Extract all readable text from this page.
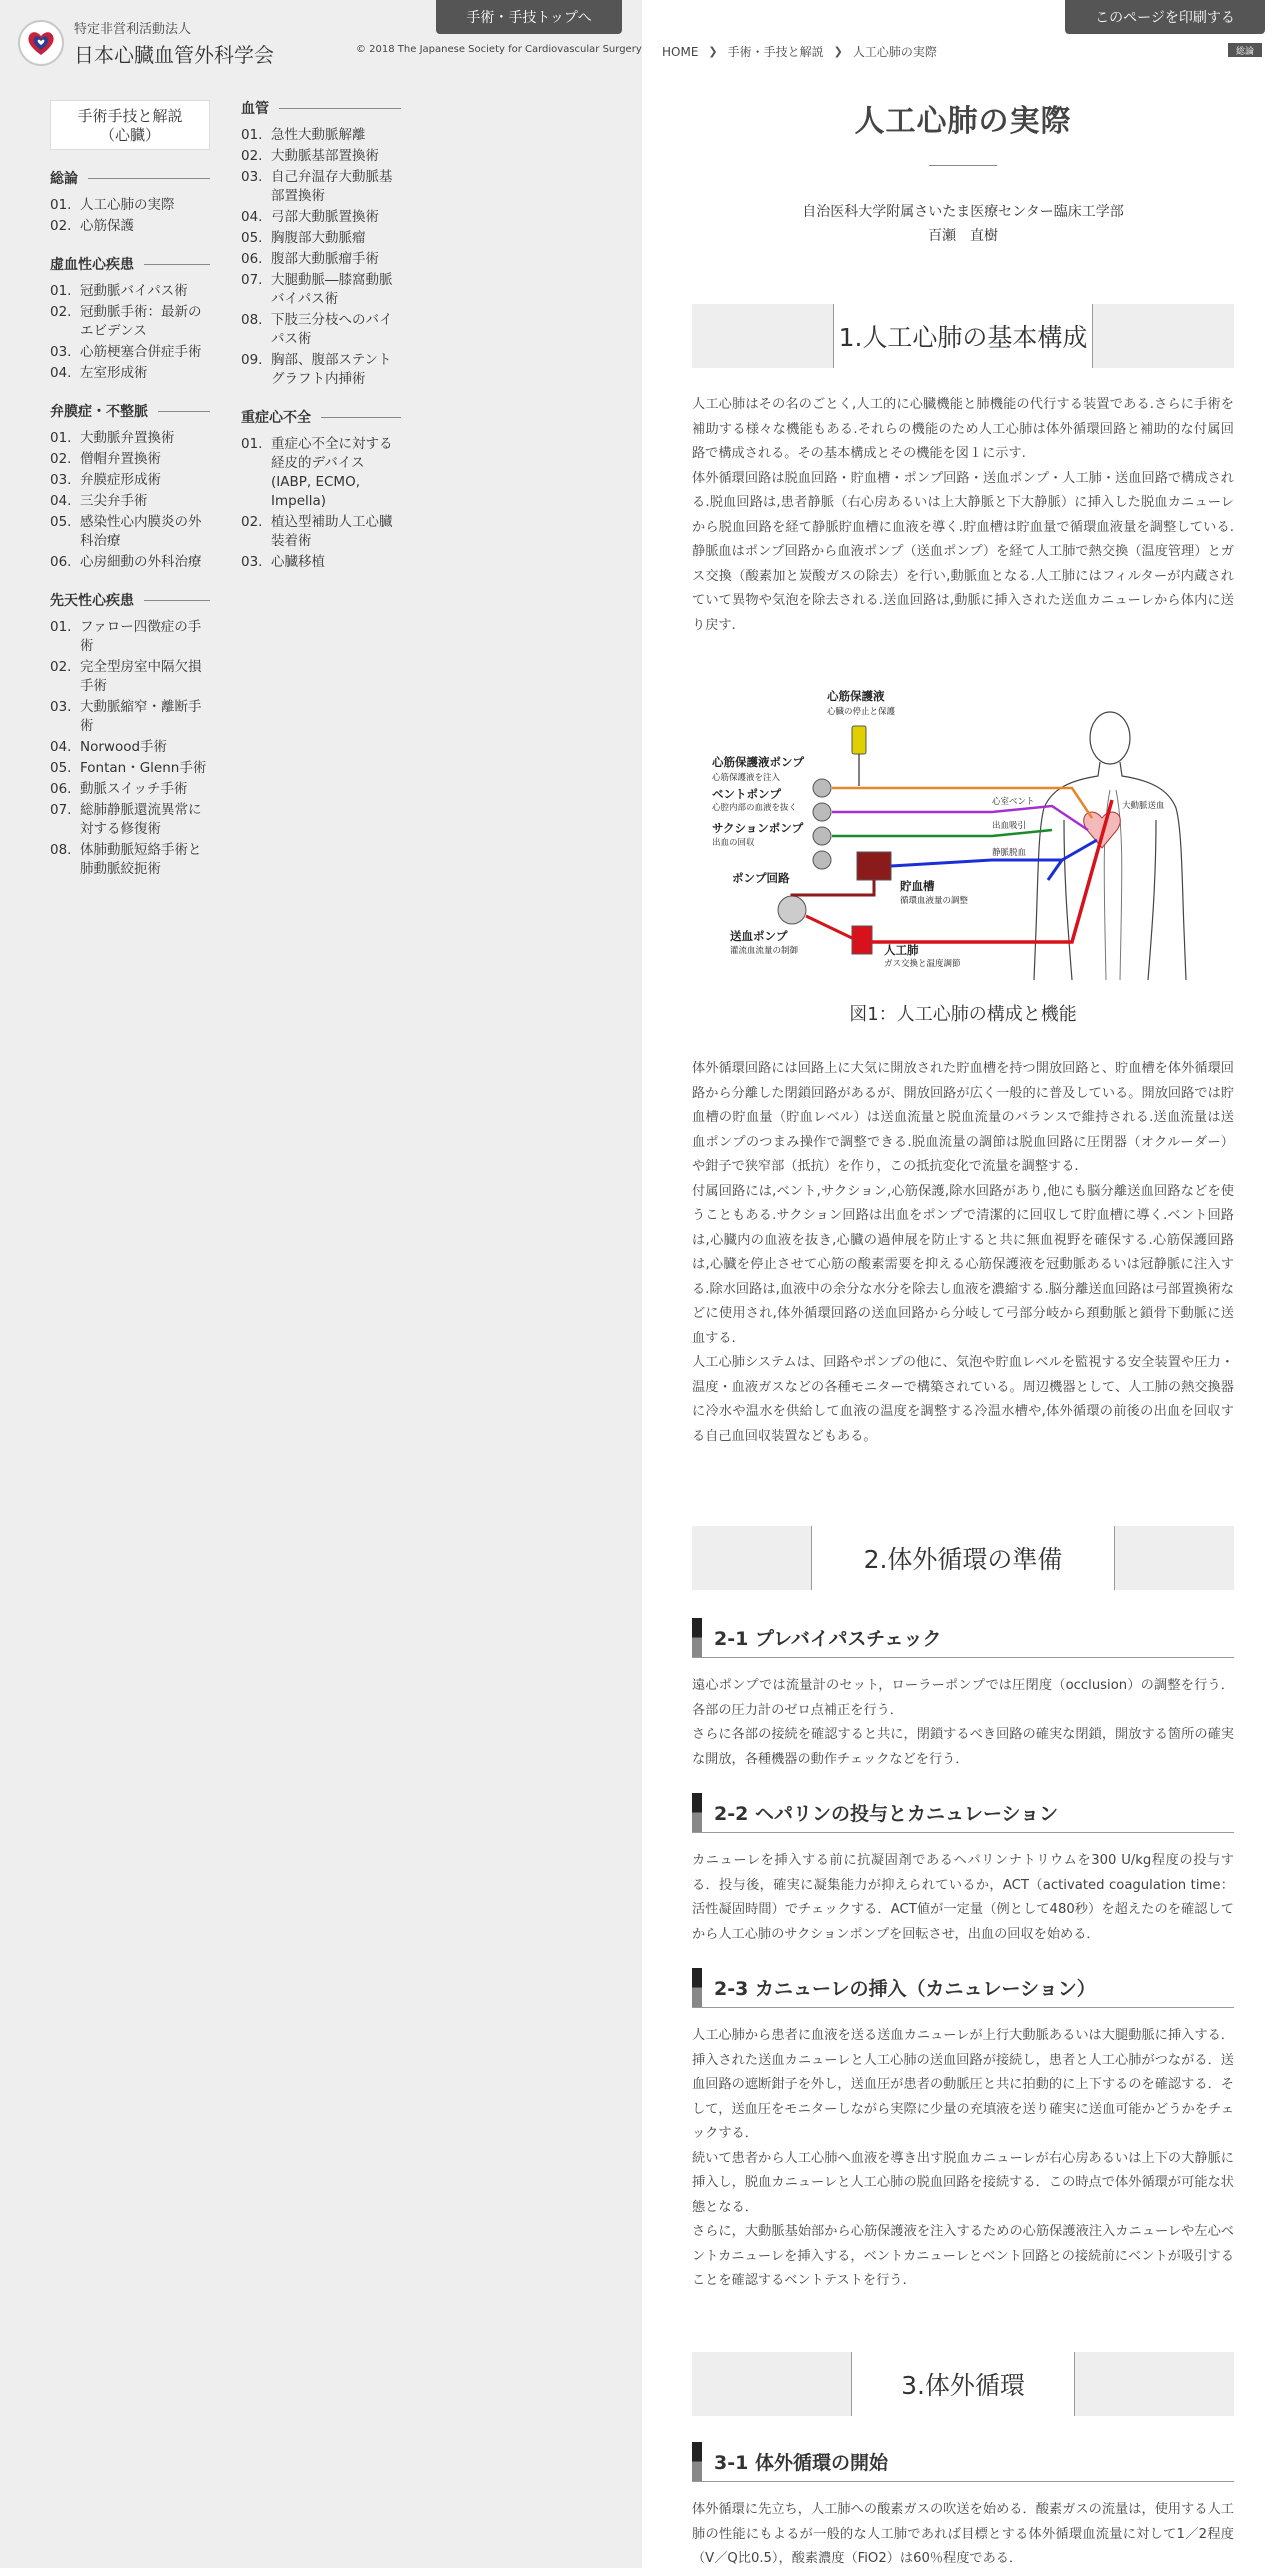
特定非営利活動法人
日本心臓血管外科学会	© 2018 The Japanese Society for Cardiovascular Surgery
手術・手技トップへ
手術手技と解説
（心臓）
総論
01. 人工心肺の実際
02. 心筋保護
虚血性心疾患
01. 冠動脈バイパス術
02. 冠動脈手術：最新のエビデンス
03. 心筋梗塞合併症手術
04. 左室形成術
弁膜症・不整脈
01. 大動脈弁置換術
02. 僧帽弁置換術
03. 弁膜症形成術
04. 三尖弁手術
05. 感染性心内膜炎の外科治療
06. 心房細動の外科治療
先天性心疾患
01. ファロー四徴症の手術
02. 完全型房室中隔欠損手術
03. 大動脈縮窄・離断手術
04. Norwood手術
05. Fontan・Glenn手術
06. 動脈スイッチ手術
07. 総肺静脈還流異常に対する修復術
08. 体肺動脈短絡手術と肺動脈絞扼術
血管
01. 急性大動脈解離
02. 大動脈基部置換術
03. 自己弁温存大動脈基部置換術
04. 弓部大動脈置換術
05. 胸腹部大動脈瘤
06. 腹部大動脈瘤手術
07. 大腿動脈―膝窩動脈バイパス術
08. 下肢三分枝へのバイパス術
09. 胸部、腹部ステントグラフト内挿術
重症心不全
01. 重症心不全に対する経皮的デバイス(IABP, ECMO, Impella)
02. 植込型補助人工心臓装着術
03. 心臓移植
このページを印刷する
HOME ❯ 手術・手技と解説 ❯ 人工心肺の実際	総論
人工心肺の実際
自治医科大学附属さいたま医療センター臨床工学部
百瀬　直樹
1.人工心肺の基本構成

人工心肺はその名のごとく,人工的に心臓機能と肺機能の代行する装置である.さらに手術を補助する様々な機能もある.それらの機能のため人工心肺は体外循環回路と補助的な付属回路で構成される。その基本構成とその機能を図１に示す.

体外循環回路は脱血回路・貯血槽・ポンプ回路・送血ポンプ・人工肺・送血回路で構成される.脱血回路は,患者静脈（右心房あるいは上大静脈と下大静脈）に挿入した脱血カニューレから脱血回路を経て静脈貯血槽に血液を導く.貯血槽は貯血量で循環血液量を調整している.静脈血はポンプ回路から血液ポンプ（送血ポンプ）を経て人工肺で熱交換（温度管理）とガス交換（酸素加と炭酸ガスの除去）を行い,動脈血となる.人工肺にはフィルターが内蔵されていて異物や気泡を除去される.送血回路は,動脈に挿入された送血カニューレから体内に送り戻す.

心筋保護液
心臓の停止と保護
心筋保護液ポンプ
心筋保護液を注入
ベントポンプ
心腔内部の血液を抜く
サクションポンプ
出血の回収
ポンプ回路
送血ポンプ
灌流血流量の制御
貯血槽
循環血液量の調整
人工肺
ガス交換と温度調節
心室ベント
出血吸引
静脈脱血
大動脈送血
図1：人工心肺の構成と機能

体外循環回路には回路上に大気に開放された貯血槽を持つ開放回路と、貯血槽を体外循環回路から分離した閉鎖回路があるが、開放回路が広く一般的に普及している。開放回路では貯血槽の貯血量（貯血レベル）は送血流量と脱血流量のバランスで維持される.送血流量は送血ポンプのつまみ操作で調整できる.脱血流量の調節は脱血回路に圧閉器（オクルーダー）や鉗子で狭窄部（抵抗）を作り，この抵抗変化で流量を調整する.

付属回路には,ベント,サクション,心筋保護,除水回路があり,他にも脳分離送血回路などを使うこともある.サクション回路は出血をポンプで清潔的に回収して貯血槽に導く.ベント回路は,心臓内の血液を抜き,心臓の過伸展を防止すると共に無血視野を確保する.心筋保護回路は,心臓を停止させて心筋の酸素需要を抑える心筋保護液を冠動脈あるいは冠静脈に注入する.除水回路は,血液中の余分な水分を除去し血液を濃縮する.脳分離送血回路は弓部置換術などに使用され,体外循環回路の送血回路から分岐して弓部分岐から頚動脈と鎖骨下動脈に送血する.

人工心肺システムは、回路やポンプの他に、気泡や貯血レベルを監視する安全装置や圧力・温度・血液ガスなどの各種モニターで構築されている。周辺機器として、人工肺の熱交換器に冷水や温水を供給して血液の温度を調整する冷温水槽や,体外循環の前後の出血を回収する自己血回収装置などもある。

2.体外循環の準備
2-1 プレバイパスチェック

遠心ポンプでは流量計のセット，ローラーポンプでは圧閉度（occlusion）の調整を行う．各部の圧力計のゼロ点補正を行う．

さらに各部の接続を確認すると共に，閉鎖するべき回路の確実な閉鎖，開放する箇所の確実な開放，各種機器の動作チェックなどを行う．

2-2 ヘパリンの投与とカニュレーション

カニューレを挿入する前に抗凝固剤であるヘパリンナトリウムを300 U/kg程度の投与する．投与後，確実に凝集能力が抑えられているか，ACT（activated coagulation time：活性凝固時間）でチェックする．ACT値が一定量（例として480秒）を超えたのを確認してから人工心肺のサクションポンプを回転させ，出血の回収を始める．

2-3 カニューレの挿入（カニュレーション）

人工心肺から患者に血液を送る送血カニューレが上行大動脈あるいは大腿動脈に挿入する．挿入された送血カニューレと人工心肺の送血回路が接続し，患者と人工心肺がつながる．送血回路の遮断鉗子を外し，送血圧が患者の動脈圧と共に拍動的に上下するのを確認する．そして，送血圧をモニターしながら実際に少量の充填液を送り確実に送血可能かどうかをチェックする．

続いて患者から人工心肺へ血液を導き出す脱血カニューレが右心房あるいは上下の大静脈に挿入し，脱血カニューレと人工心肺の脱血回路を接続する．この時点で体外循環が可能な状態となる．

さらに，大動脈基始部から心筋保護液を注入するための心筋保護液注入カニューレや左心ベントカニューレを挿入する，ベントカニューレとベント回路との接続前にベントが吸引することを確認するベントテストを行う.

3.体外循環
3-1 体外循環の開始

体外循環に先立ち，人工肺への酸素ガスの吹送を始める．酸素ガスの流量は，使用する人工肺の性能にもよるが一般的な人工肺であれば目標とする体外循環血流量に対して1／2程度（V／Q比0.5），酸素濃度（FiO2）は60％程度である．
